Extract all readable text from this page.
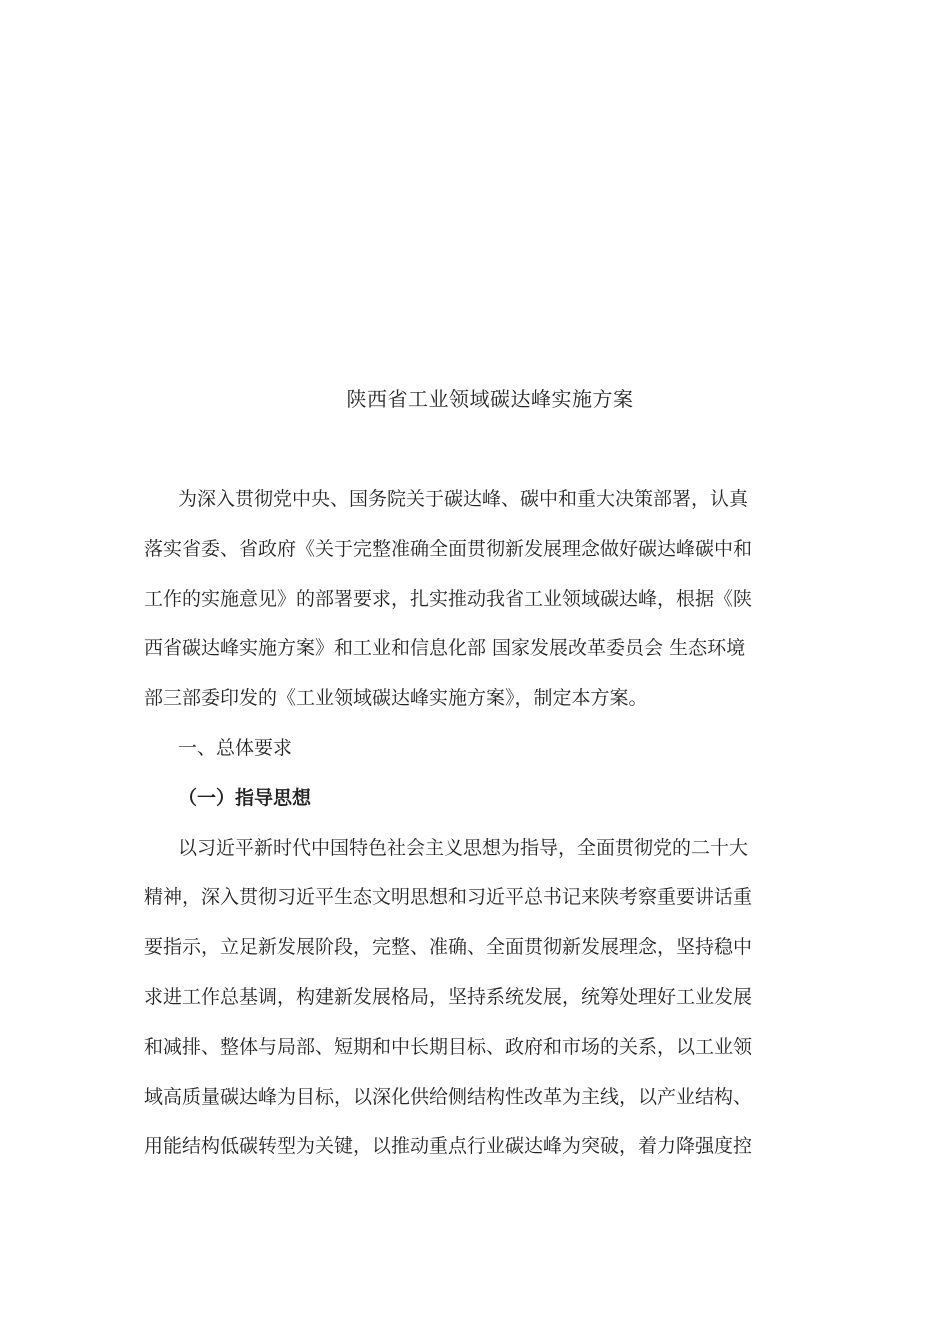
陕西省工业领域碳达峰实施方案
为深入贯彻党中央、国务院关于碳达峰、碳中和重大决策部署，认真
落实省委、省政府《关于完整准确全面贯彻新发展理念做好碳达峰碳中和
工作的实施意见》的部署要求，扎实推动我省工业领域碳达峰，根据《陕
西省碳达峰实施方案》和工业和信息化部 国家发展改革委员会 生态环境
部三部委印发的《工业领域碳达峰实施方案》，制定本方案。
一、总体要求
（一）指导思想
以习近平新时代中国特色社会主义思想为指导，全面贯彻党的二十大
精神，深入贯彻习近平生态文明思想和习近平总书记来陕考察重要讲话重
要指示，立足新发展阶段，完整、准确、全面贯彻新发展理念，坚持稳中
求进工作总基调，构建新发展格局，坚持系统发展，统筹处理好工业发展
和减排、整体与局部、短期和中长期目标、政府和市场的关系，以工业领
域高质量碳达峰为目标，以深化供给侧结构性改革为主线，以产业结构、
用能结构低碳转型为关键，以推动重点行业碳达峰为突破，着力降强度控
